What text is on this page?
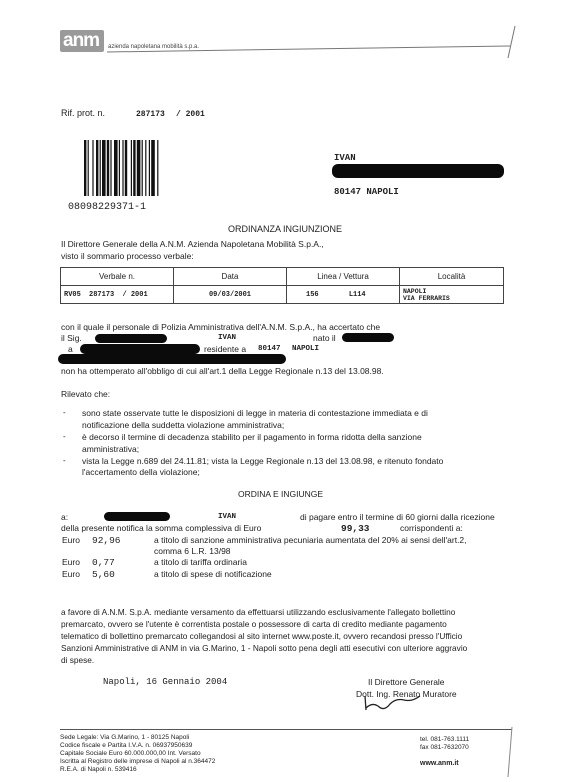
anm azienda napoletana mobilità s.p.a.
Rif. prot. n.	287173 / 2001
08098229371-1
IVAN
80147 NAPOLI
ORDINANZA INGIUNZIONE
Il Direttore Generale della A.N.M. Azienda Napoletana Mobilità S.p.A.,
visto il sommario processo verbale:
Verbale n.	Data	Linea / Vettura	Località
RV05 287173 / 2001	09/03/2001	156 L114	NAPOLI
VIA FERRARIS
con il quale il personale di Polizia Amministrativa dell'A.N.M. S.p.A., ha accertato che
il Sig.	IVAN	nato il
a	residente a 80147 NAPOLI
non ha ottemperato all'obbligo di cui all'art.1 della Legge Regionale n.13 del 13.08.98.
Rilevato che:
- sono state osservate tutte le disposizioni di legge in materia di contestazione immediata e di
notificazione della suddetta violazione amministrativa;
- è decorso il termine di decadenza stabilito per il pagamento in forma ridotta della sanzione
amministrativa;
- vista la Legge n.689 del 24.11.81; vista la Legge Regionale n.13 del 13.08.98, e ritenuto fondato
l'accertamento della violazione;
ORDINA E INGIUNGE
a:	IVAN	di pagare entro il termine di 60 giorni dalla ricezione
della presente notifica la somma complessiva di Euro	99,33	corrispondenti a:
Euro 92,96	a titolo di sanzione amministrativa pecuniaria aumentata del 20% ai sensi dell'art.2,
comma 6 L.R. 13/98
Euro 0,77	a titolo di tariffa ordinaria
Euro 5,60	a titolo di spese di notificazione
a favore di A.N.M. S.p.A. mediante versamento da effettuarsi utilizzando esclusivamente l'allegato bollettino
premarcato, ovvero se l'utente è correntista postale o possessore di carta di credito mediante pagamento
telematico di bollettino premarcato collegandosi al sito internet www.poste.it, ovvero recandosi presso l'Ufficio
Sanzioni Amministrative di ANM in via G.Marino, 1 - Napoli sotto pena degli atti esecutivi con ulteriore aggravio
di spese.
Napoli, 16 Gennaio 2004	Il Direttore Generale
Dott. Ing. Renato Muratore
Sede Legale: Via G.Marino, 1 - 80125 Napoli
Codice fiscale e Partita I.V.A. n. 06937950639
Capitale Sociale Euro 60.000.000,00 Int. Versato
Iscritta al Registro delle imprese di Napoli al n.364472
R.E.A. di Napoli n. 539416
tel. 081-763.1111
fax 081-7632070
www.anm.it
